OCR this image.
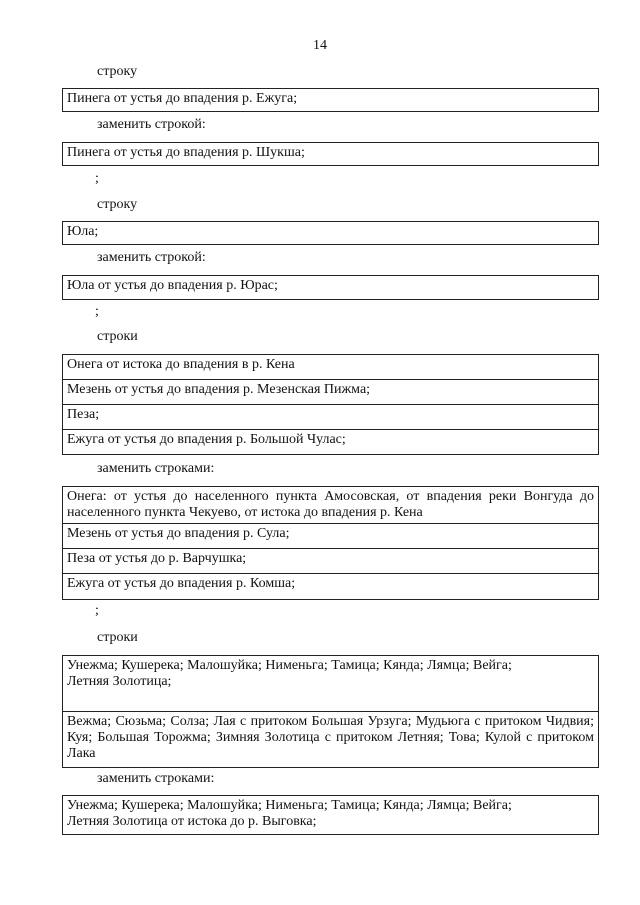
14
строку
Пинега от устья до впадения р. Ежуга;
заменить строкой:
Пинега от устья до впадения р. Шукша;
;
строку
Юла;
заменить строкой:
Юла от устья до впадения р. Юрас;
;
строки
Онега от истока до впадения в р. Кена
Мезень от устья до впадения р. Мезенская Пижма;
Пеза;
Ежуга от устья до впадения р. Большой Чулас;
заменить строками:
Онега: от устья до населенного пункта Амосовская, от впадения реки Вонгуда до населенного пункта Чекуево, от истока до впадения р. Кена
Мезень от устья до впадения р. Сула;
Пеза от устья до р. Варчушка;
Ежуга от устья до впадения р. Комша;
;
строки
Унежма; Кушерека; Малошуйка; Нименьга; Тамица; Кянда; Лямца; Вейга; Летняя Золотица;
Вежма; Сюзьма; Солза; Лая с притоком Большая Урзуга; Мудьюга с притоком Чидвия; Куя; Большая Торожма; Зимняя Золотица с притоком Летняя; Това; Кулой с притоком Лака
заменить строками:
Унежма; Кушерека; Малошуйка; Нименьга; Тамица; Кянда; Лямца; Вейга; Летняя Золотица от истока до р. Выговка;
